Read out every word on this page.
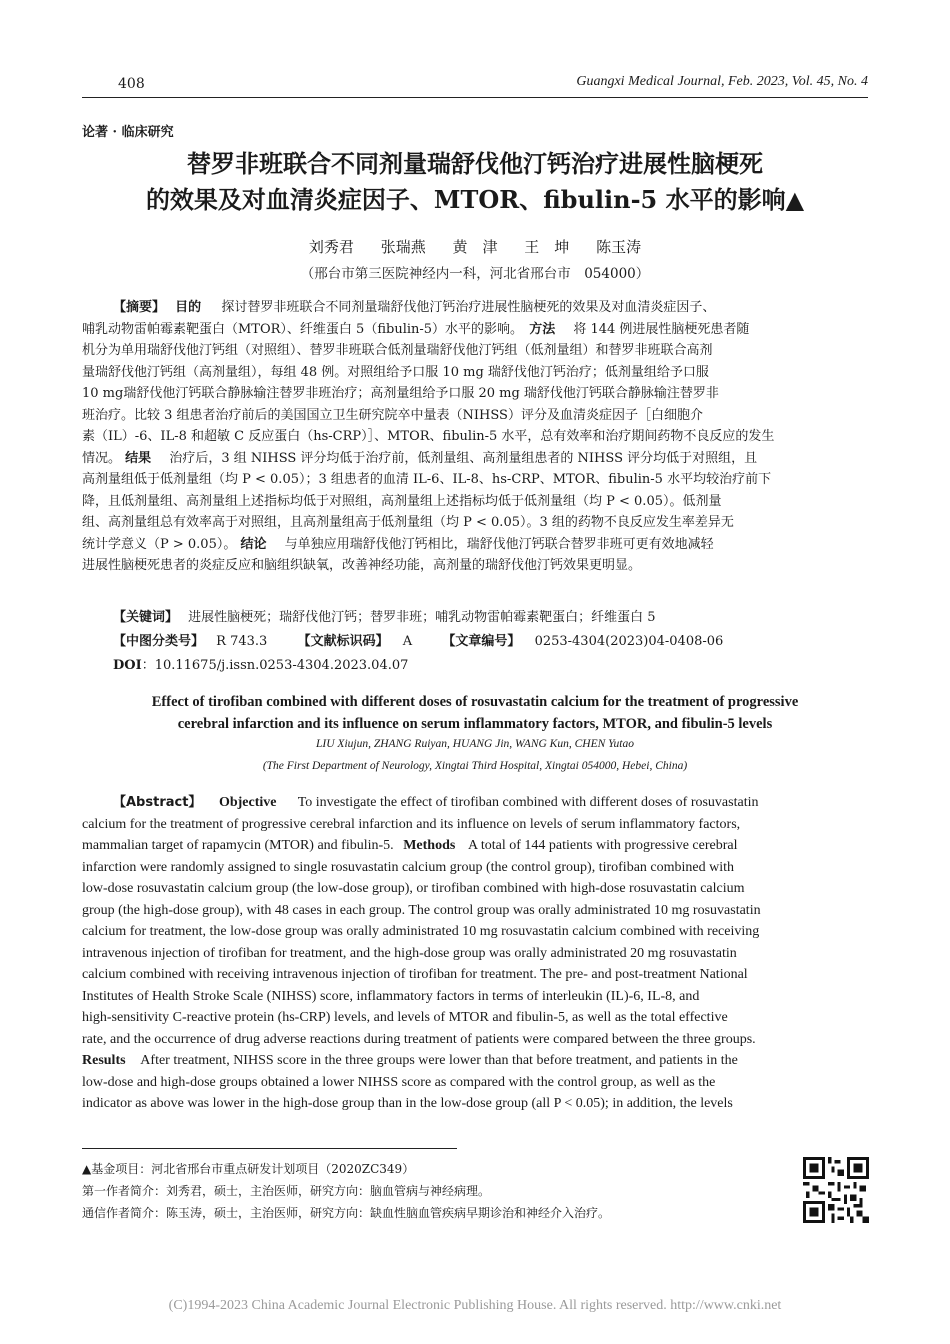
408	Guangxi Medical Journal, Feb. 2023, Vol. 45, No. 4
论著 · 临床研究
替罗非班联合不同剂量瑞舒伐他汀钙治疗进展性脑梗死
的效果及对血清炎症因子、MTOR、fibulin-5 水平的影响▲
刘秀君 张瑞燕 黄　津 王　坤 陈玉涛
（邢台市第三医院神经内一科，河北省邢台市　054000）
【摘要】 目的 探讨替罗非班联合不同剂量瑞舒伐他汀钙治疗进展性脑梗死的效果及对血清炎症因子、
哺乳动物雷帕霉素靶蛋白（MTOR）、纤维蛋白 5（fibulin-5）水平的影响。 方法 将 144 例进展性脑梗死患者随
机分为单用瑞舒伐他汀钙组（对照组）、替罗非班联合低剂量瑞舒伐他汀钙组（低剂量组）和替罗非班联合高剂
量瑞舒伐他汀钙组（高剂量组），每组 48 例。对照组给予口服 10 mg 瑞舒伐他汀钙治疗；低剂量组给予口服
10 mg瑞舒伐他汀钙联合静脉输注替罗非班治疗；高剂量组给予口服 20 mg 瑞舒伐他汀钙联合静脉输注替罗非
班治疗。比较 3 组患者治疗前后的美国国立卫生研究院卒中量表（NIHSS）评分及血清炎症因子［白细胞介
素（IL）-6、IL-8 和超敏 C 反应蛋白（hs-CRP）］、MTOR、fibulin-5 水平，总有效率和治疗期间药物不良反应的发生
情况。 结果 治疗后，3 组 NIHSS 评分均低于治疗前，低剂量组、高剂量组患者的 NIHSS 评分均低于对照组，且
高剂量组低于低剂量组（均 P < 0.05）；3 组患者的血清 IL-6、IL-8、hs-CRP、MTOR、fibulin-5 水平均较治疗前下
降，且低剂量组、高剂量组上述指标均低于对照组，高剂量组上述指标均低于低剂量组（均 P < 0.05）。低剂量
组、高剂量组总有效率高于对照组，且高剂量组高于低剂量组（均 P < 0.05）。3 组的药物不良反应发生率差异无
统计学意义（P > 0.05）。 结论 与单独应用瑞舒伐他汀钙相比，瑞舒伐他汀钙联合替罗非班可更有效地减轻
进展性脑梗死患者的炎症反应和脑组织缺氧，改善神经功能，高剂量的瑞舒伐他汀钙效果更明显。
【关键词】 进展性脑梗死；瑞舒伐他汀钙；替罗非班；哺乳动物雷帕霉素靶蛋白；纤维蛋白 5
【中图分类号】 R 743.3 【文献标识码】 A 【文章编号】 0253-4304(2023)04-0408-06
DOI：10.11675/j.issn.0253-4304.2023.04.07
Effect of tirofiban combined with different doses of rosuvastatin calcium for the treatment of progressive
cerebral infarction and its influence on serum inflammatory factors, MTOR, and fibulin-5 levels
LIU Xiujun, ZHANG Ruiyan, HUANG Jin, WANG Kun, CHEN Yutao
(The First Department of Neurology, Xingtai Third Hospital, Xingtai 054000, Hebei, China)
【Abstract】 Objective To investigate the effect of tirofiban combined with different doses of rosuvastatin
calcium for the treatment of progressive cerebral infarction and its influence on levels of serum inflammatory factors,
mammalian target of rapamycin (MTOR) and fibulin-5. Methods A total of 144 patients with progressive cerebral
infarction were randomly assigned to single rosuvastatin calcium group (the control group), tirofiban combined with
low-dose rosuvastatin calcium group (the low-dose group), or tirofiban combined with high-dose rosuvastatin calcium
group (the high-dose group), with 48 cases in each group. The control group was orally administrated 10 mg rosuvastatin
calcium for treatment, the low-dose group was orally administrated 10 mg rosuvastatin calcium combined with receiving
intravenous injection of tirofiban for treatment, and the high-dose group was orally administrated 20 mg rosuvastatin
calcium combined with receiving intravenous injection of tirofiban for treatment. The pre- and post-treatment National
Institutes of Health Stroke Scale (NIHSS) score, inflammatory factors in terms of interleukin (IL)-6, IL-8, and
high-sensitivity C-reactive protein (hs-CRP) levels, and levels of MTOR and fibulin-5, as well as the total effective
rate, and the occurrence of drug adverse reactions during treatment of patients were compared between the three groups.
Results After treatment, NIHSS score in the three groups were lower than that before treatment, and patients in the
low-dose and high-dose groups obtained a lower NIHSS score as compared with the control group, as well as the
indicator as above was lower in the high-dose group than in the low-dose group (all P < 0.05); in addition, the levels
▲基金项目：河北省邢台市重点研发计划项目（2020ZC349）
第一作者简介：刘秀君，硕士，主治医师，研究方向：脑血管病与神经病理。
通信作者简介：陈玉涛，硕士，主治医师，研究方向：缺血性脑血管疾病早期诊治和神经介入治疗。
(C)1994-2023 China Academic Journal Electronic Publishing House. All rights reserved. http://www.cnki.net
